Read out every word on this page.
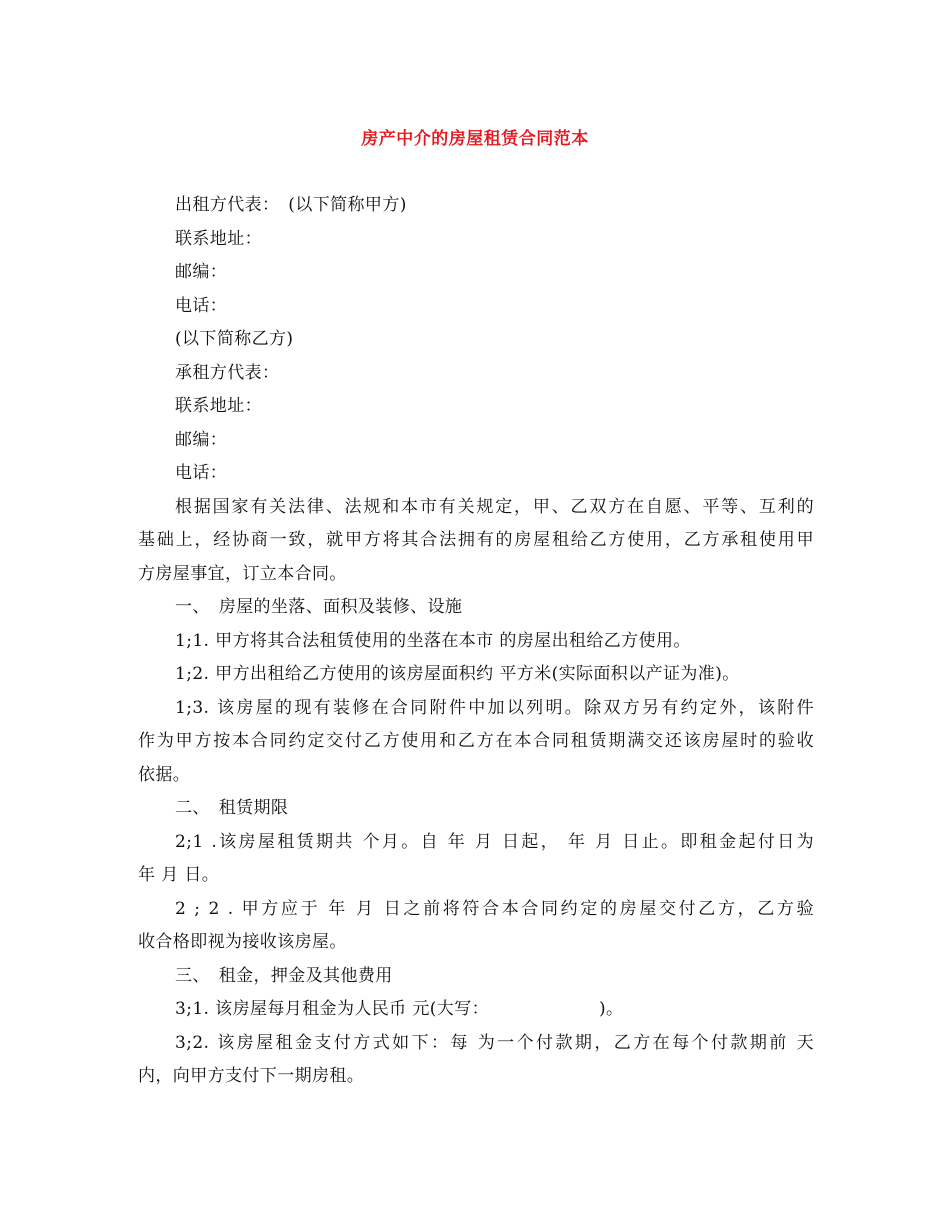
房产中介的房屋租赁合同范本
出租方代表：　(以下简称甲方)
联系地址：
邮编：
电话：
(以下简称乙方)
承租方代表：
联系地址：
邮编：
电话：
根据国家有关法律、法规和本市有关规定，甲、乙双方在自愿、平等、互利的
基础上，经协商一致，就甲方将其合法拥有的房屋租给乙方使用，乙方承租使用甲
方房屋事宜，订立本合同。
一、　房屋的坐落、面积及装修、设施
1;1. 甲方将其合法租赁使用的坐落在本市 的房屋出租给乙方使用。
1;2. 甲方出租给乙方使用的该房屋面积约 平方米(实际面积以产证为准)。
1;3. 该房屋的现有装修在合同附件中加以列明。除双方另有约定外，该附件
作为甲方按本合同约定交付乙方使用和乙方在本合同租赁期满交还该房屋时的验收
依据。
二、　租赁期限
2;1 .该房屋租赁期共 个月。自 年 月 日起， 年 月 日止。即租金起付日为
年 月 日。
2 ; 2 . 甲方应于 年 月 日之前将符合本合同约定的房屋交付乙方，乙方验
收合格即视为接收该房屋。
三、　租金，押金及其他费用
3;1. 该房屋每月租金为人民币 元(大写：	)。
3;2. 该房屋租金支付方式如下：每 为一个付款期，乙方在每个付款期前 天
内，向甲方支付下一期房租。
